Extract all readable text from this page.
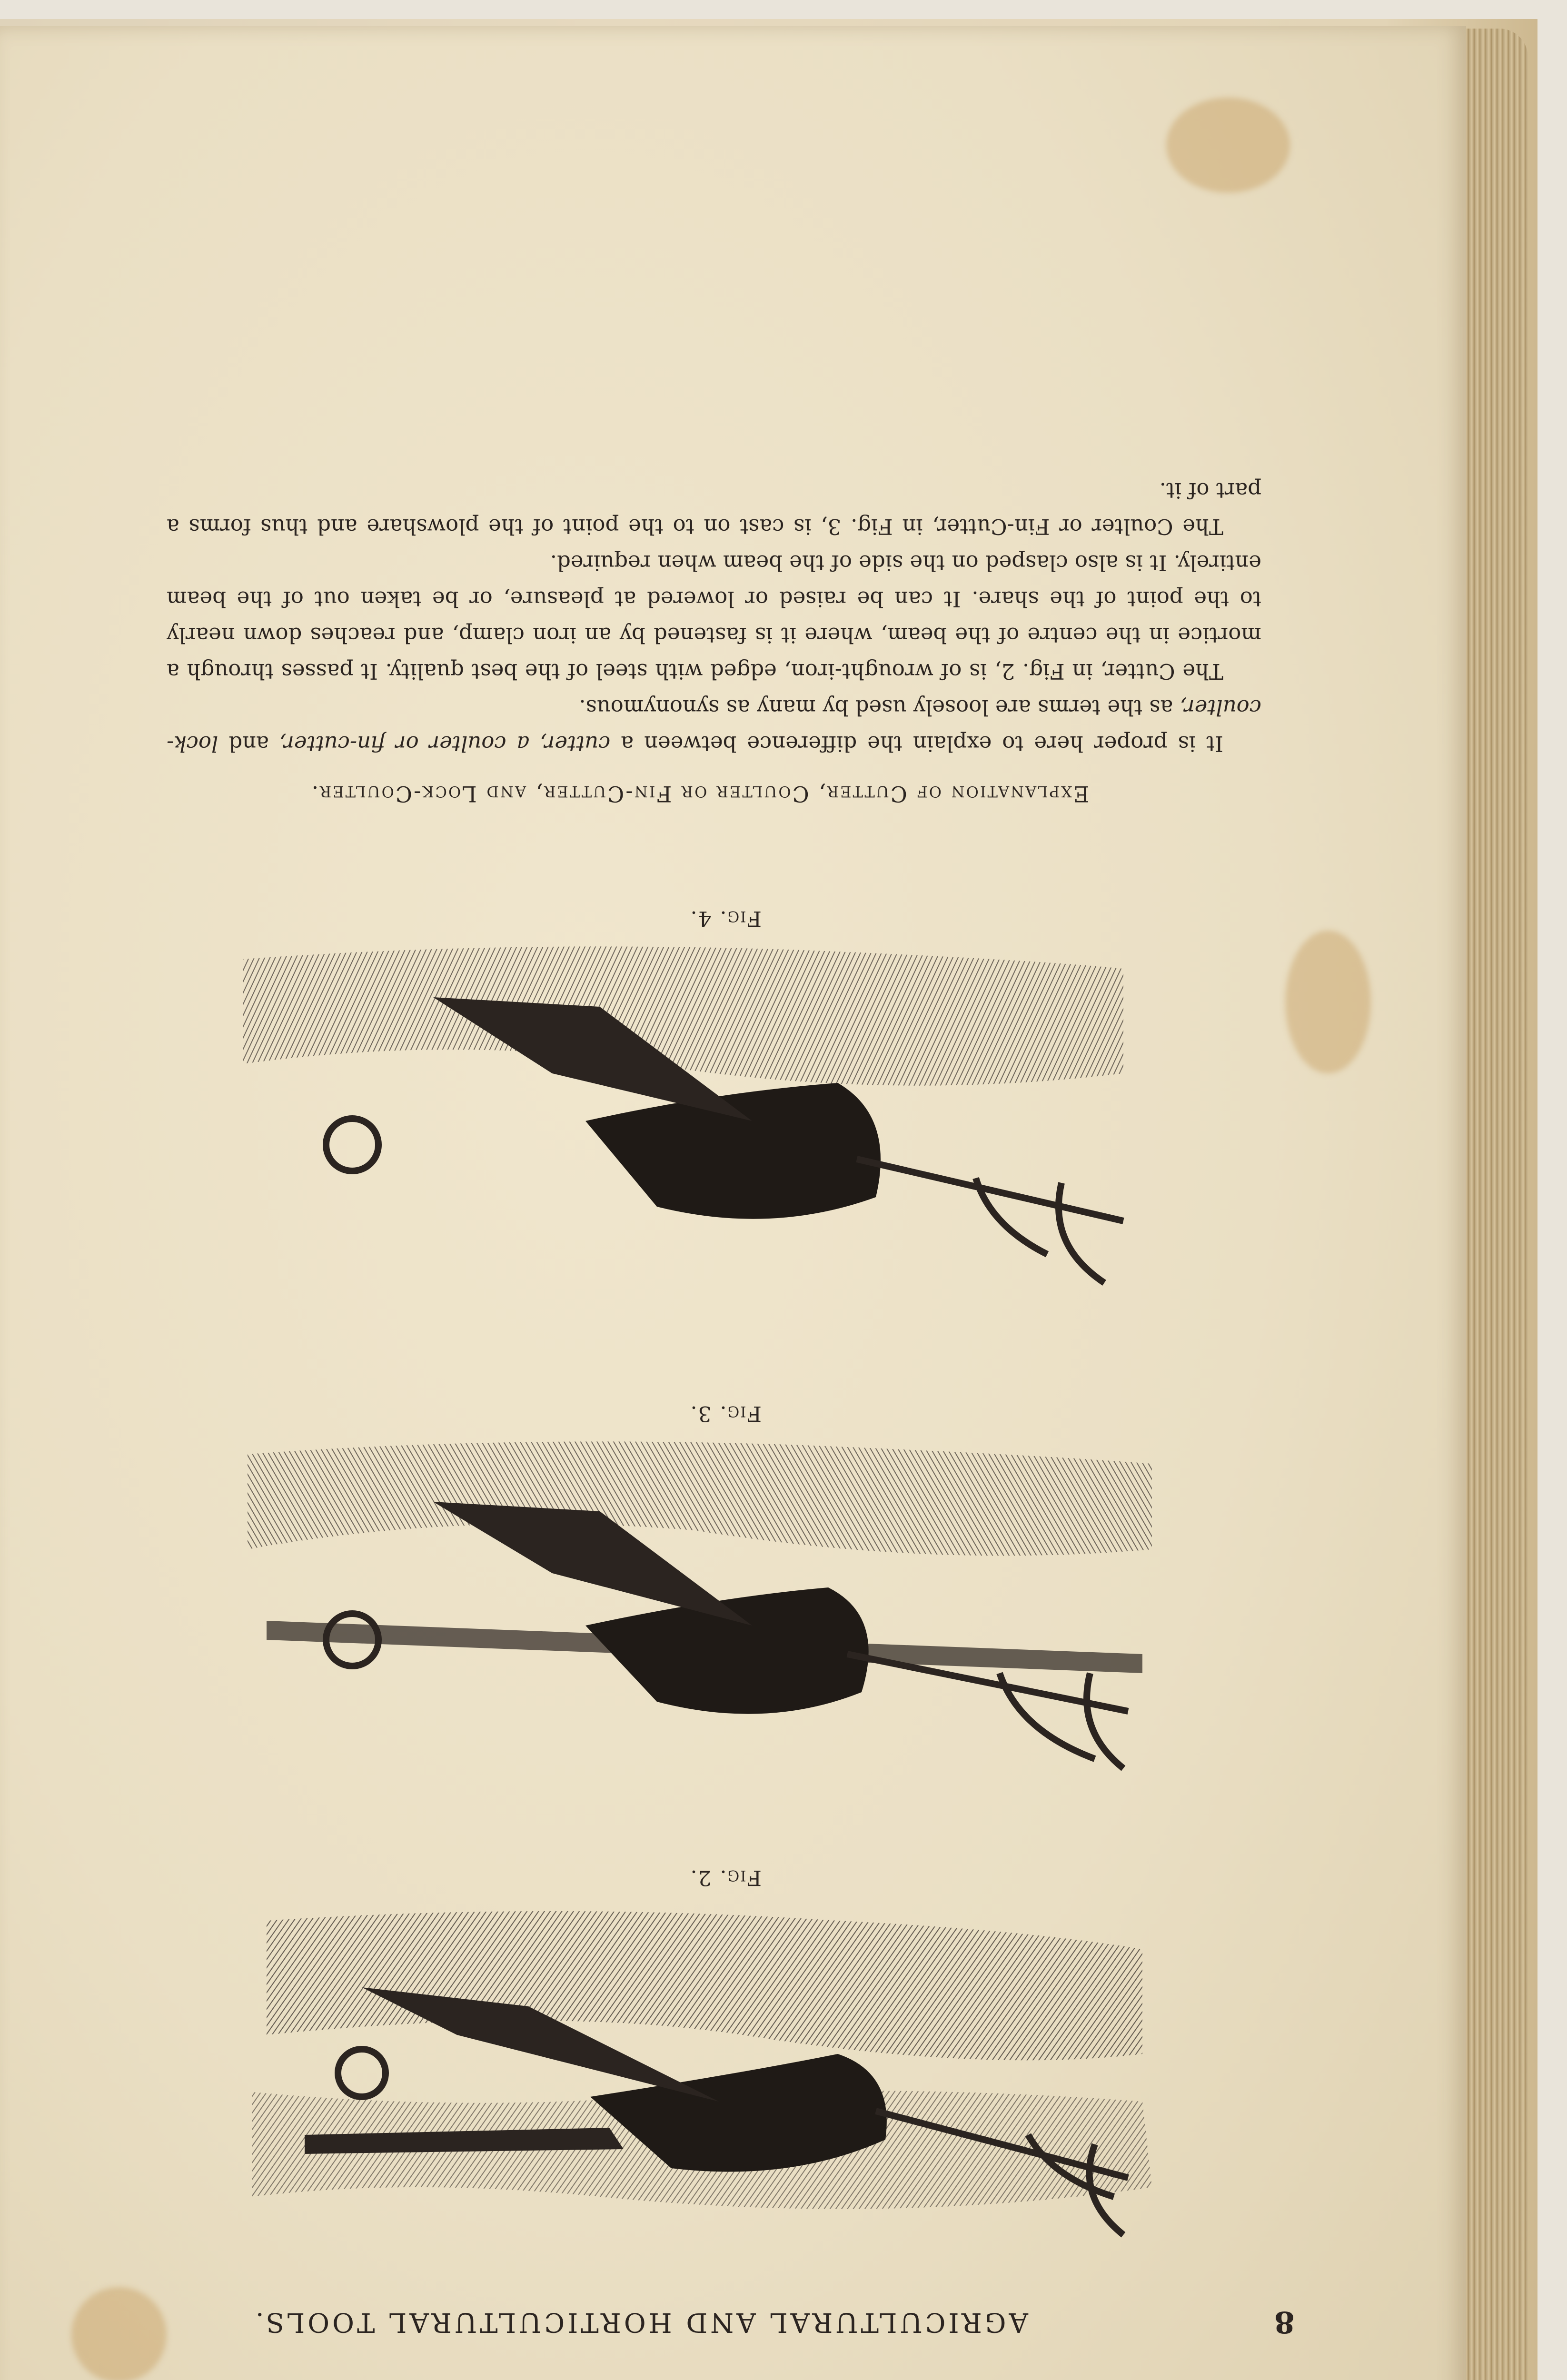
8
AGRICULTURAL AND HORTICULTURAL TOOLS.
Fig. 2.
Fig. 3.
Fig. 4.
Explanation of Cutter, Coulter or Fin-Cutter, and Lock-Coulter.

It is proper here to explain the difference between a cutter, a coulter or fin-cutter, and lock-coulter, as the terms are loosely used by many as synonymous.

The Cutter, in Fig. 2, is of wrought-iron, edged with steel of the best quality. It passes through a mortice in the centre of the beam, where it is fastened by an iron clamp, and reaches down nearly to the point of the share. It can be raised or lowered at pleasure, or be taken out of the beam entirely. It is also clasped on the side of the beam when required.

The Coulter or Fin-Cutter, in Fig. 3, is cast on to the point of the plowshare and thus forms a part of it.
